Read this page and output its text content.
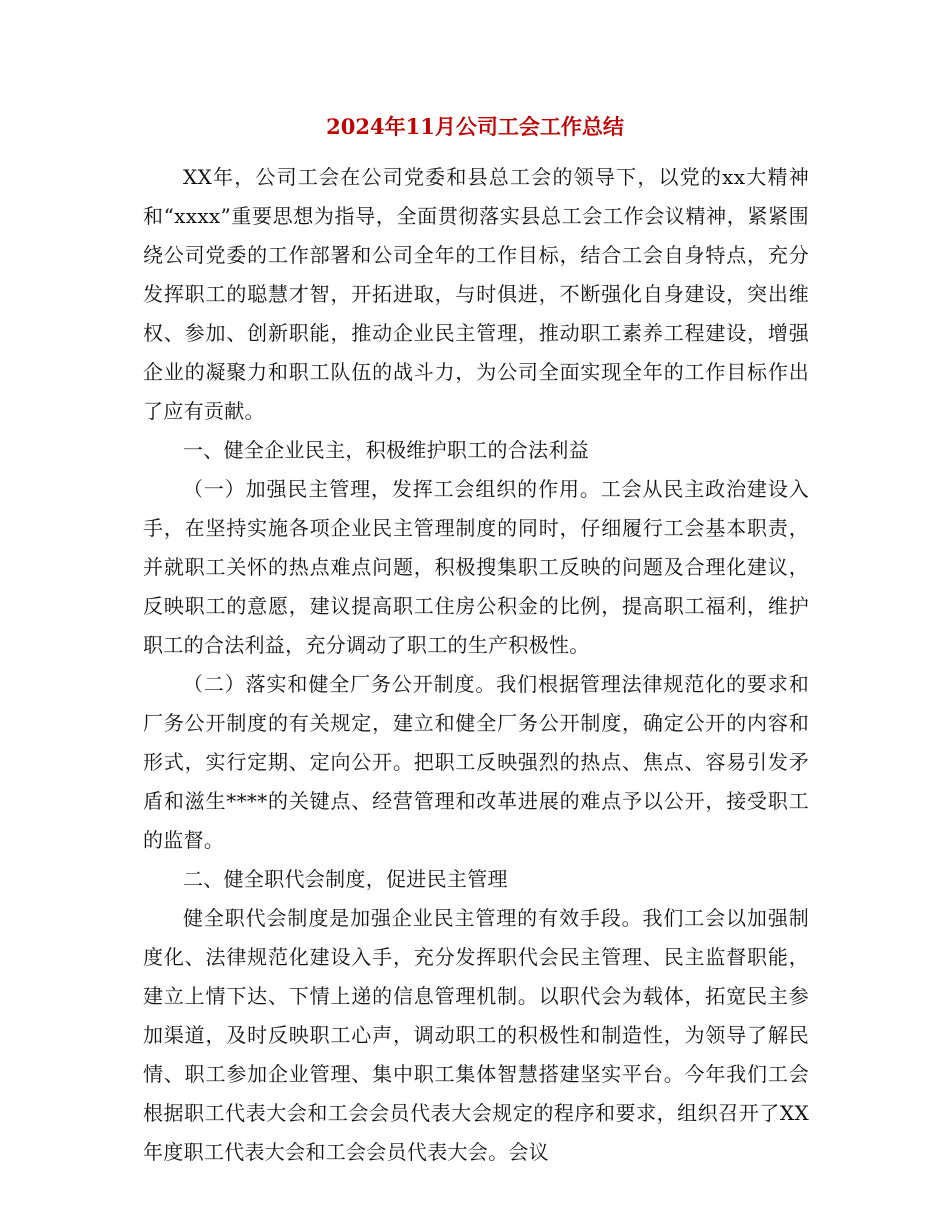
2024年11月公司工会工作总结

XX年，公司工会在公司党委和县总工会的领导下，以党的xx大精神和“xxxx”重要思想为指导，全面贯彻落实县总工会工作会议精神，紧紧围绕公司党委的工作部署和公司全年的工作目标，结合工会自身特点，充分发挥职工的聪慧才智，开拓进取，与时俱进，不断强化自身建设，突出维权、参加、创新职能，推动企业民主管理，推动职工素养工程建设，增强企业的凝聚力和职工队伍的战斗力，为公司全面实现全年的工作目标作出了应有贡献。

一、健全企业民主，积极维护职工的合法利益

（一）加强民主管理，发挥工会组织的作用。工会从民主政治建设入手，在坚持实施各项企业民主管理制度的同时，仔细履行工会基本职责，并就职工关怀的热点难点问题，积极搜集职工反映的问题及合理化建议，反映职工的意愿，建议提高职工住房公积金的比例，提高职工福利，维护职工的合法利益，充分调动了职工的生产积极性。

（二）落实和健全厂务公开制度。我们根据管理法律规范化的要求和厂务公开制度的有关规定，建立和健全厂务公开制度，确定公开的内容和形式，实行定期、定向公开。把职工反映强烈的热点、焦点、容易引发矛盾和滋生****的关键点、经营管理和改革进展的难点予以公开，接受职工的监督。

二、健全职代会制度，促进民主管理

健全职代会制度是加强企业民主管理的有效手段。我们工会以加强制度化、法律规范化建设入手，充分发挥职代会民主管理、民主监督职能，建立上情下达、下情上递的信息管理机制。以职代会为载体，拓宽民主参加渠道，及时反映职工心声，调动职工的积极性和制造性，为领导了解民情、职工参加企业管理、集中职工集体智慧搭建坚实平台。今年我们工会根据职工代表大会和工会会员代表大会规定的程序和要求，组织召开了XX年度职工代表大会和工会会员代表大会。会议
